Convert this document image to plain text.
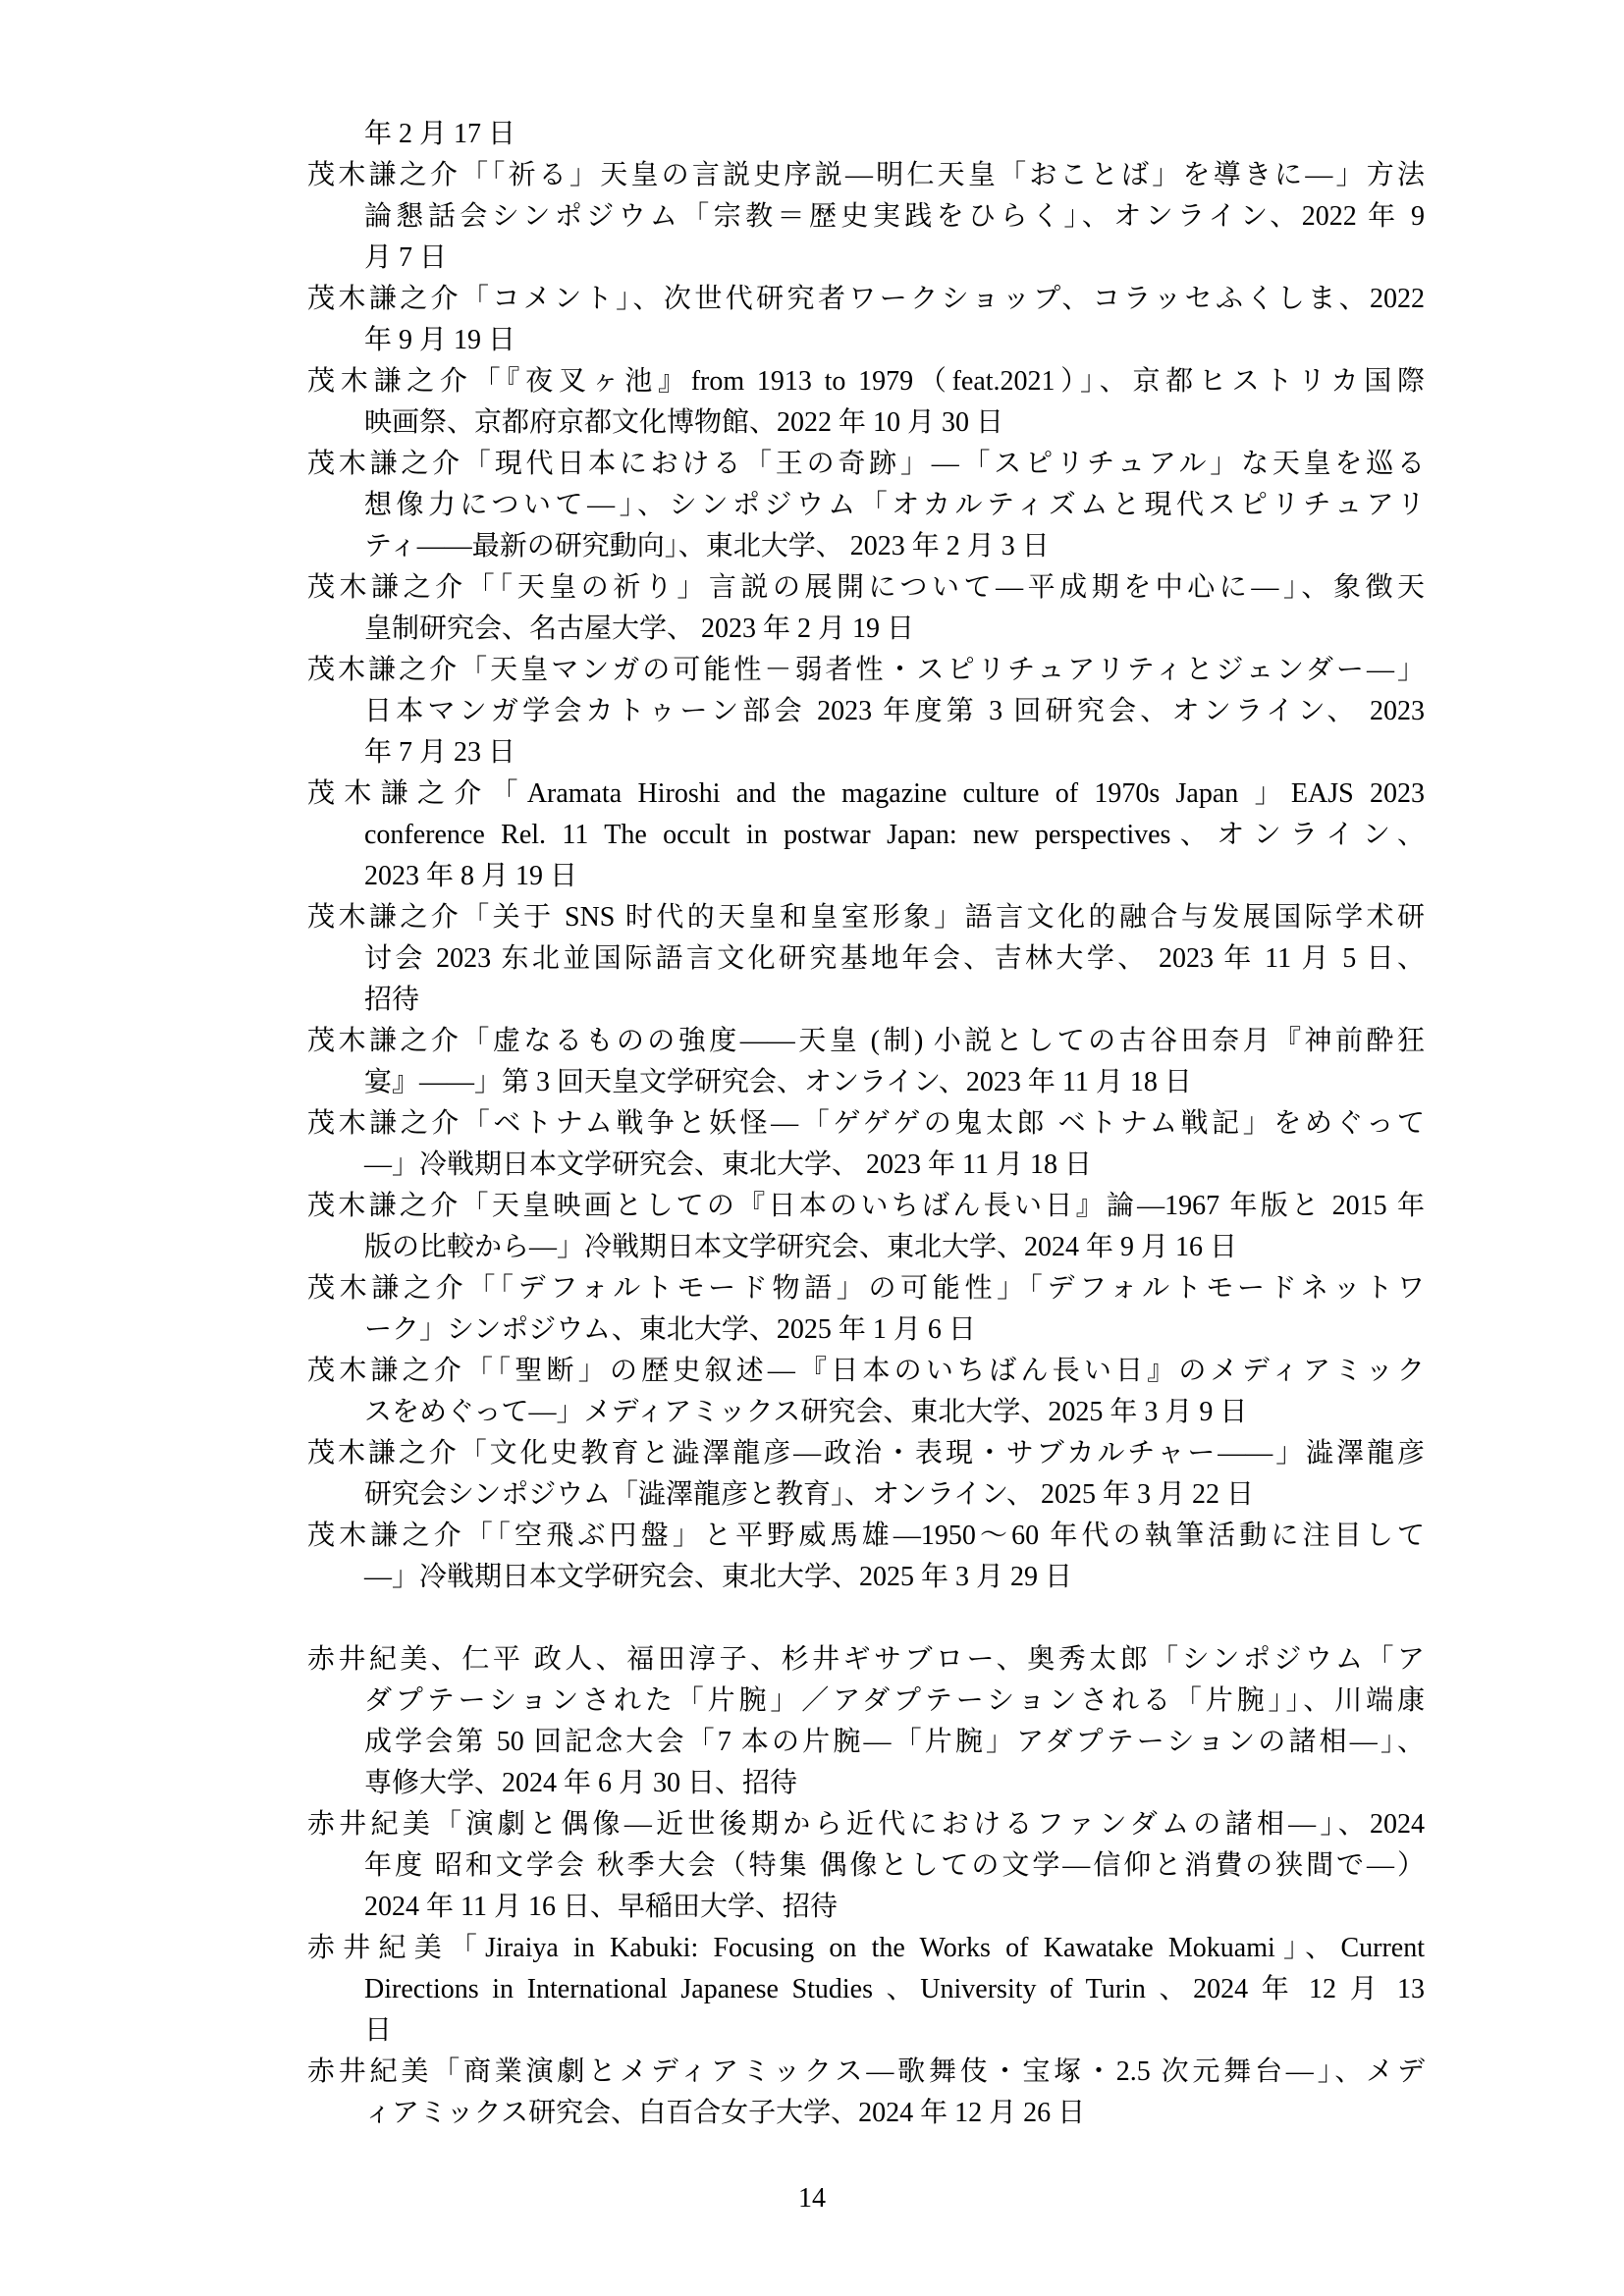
年 2 月 17 日
茂木謙之介「「祈る」天皇の言説史序説―明仁天皇「おことば」を導きに―」方法
論懇話会シンポジウム「宗教＝歴史実践をひらく」、オンライン、2022 年 9
月 7 日
茂木謙之介「コメント」、次世代研究者ワークショップ、コラッセふくしま、2022
年 9 月 19 日
茂木謙之介「『夜叉ヶ池』from 1913 to 1979（feat.2021）」、京都ヒストリカ国際
映画祭、京都府京都文化博物館、2022 年 10 月 30 日
茂木謙之介「現代日本における「王の奇跡」―「スピリチュアル」な天皇を巡る
想像力について―」、シンポジウム「オカルティズムと現代スピリチュアリ
ティ――最新の研究動向」、東北大学、 2023 年 2 月 3 日
茂木謙之介「「天皇の祈り」言説の展開について―平成期を中心に―」、象徴天
皇制研究会、名古屋大学、 2023 年 2 月 19 日
茂木謙之介「天皇マンガの可能性－弱者性・スピリチュアリティとジェンダー―」
日本マンガ学会カトゥーン部会 2023 年度第 3 回研究会、オンライン、 2023
年 7 月 23 日
茂木謙之介「Aramata Hiroshi and the magazine culture of 1970s Japan 」EAJS 2023
conference Rel. 11 The occult in postwar Japan: new perspectives、オンライン、
2023 年 8 月 19 日
茂木謙之介「关于 SNS 时代的天皇和皇室形象」語言文化的融合与发展国际学术研
讨会 2023 东北並国际語言文化研究基地年会、吉林大学、 2023 年 11 月 5 日、
招待
茂木謙之介「虚なるものの強度――天皇 (制) 小説としての古谷田奈月『神前酔狂
宴』――」第 3 回天皇文学研究会、オンライン、2023 年 11 月 18 日
茂木謙之介「ベトナム戦争と妖怪―「ゲゲゲの鬼太郎 ベトナム戦記」をめぐって
―」冷戦期日本文学研究会、東北大学、 2023 年 11 月 18 日
茂木謙之介「天皇映画としての『日本のいちばん長い日』論―1967 年版と 2015 年
版の比較から―」冷戦期日本文学研究会、東北大学、2024 年 9 月 16 日
茂木謙之介「「デフォルトモード物語」の可能性」「デフォルトモードネットワ
ーク」シンポジウム、東北大学、2025 年 1 月 6 日
茂木謙之介「「聖断」の歴史叙述―『日本のいちばん長い日』のメディアミック
スをめぐって―」メディアミックス研究会、東北大学、2025 年 3 月 9 日
茂木謙之介「文化史教育と澁澤龍彦―政治・表現・サブカルチャー――」澁澤龍彦
研究会シンポジウム「澁澤龍彦と教育」、オンライン、 2025 年 3 月 22 日
茂木謙之介「「空飛ぶ円盤」と平野威馬雄―1950～60 年代の執筆活動に注目して
―」冷戦期日本文学研究会、東北大学、2025 年 3 月 29 日
赤井紀美、仁平 政人、福田淳子、杉井ギサブロー、奥秀太郎「シンポジウム「ア
ダプテーションされた「片腕」／アダプテーションされる「片腕」」、川端康
成学会第 50 回記念大会「7 本の片腕―「片腕」アダプテーションの諸相―」、
専修大学、2024 年 6 月 30 日、招待
赤井紀美「演劇と偶像―近世後期から近代におけるファンダムの諸相―」、2024
年度 昭和文学会 秋季大会（特集 偶像としての文学―信仰と消費の狭間で―）
2024 年 11 月 16 日、早稲田大学、招待
赤井紀美「Jiraiya in Kabuki: Focusing on the Works of Kawatake Mokuami」、Current
Directions in International Japanese Studies 、University of Turin 、2024 年 12 月 13
日
赤井紀美「商業演劇とメディアミックス―歌舞伎・宝塚・2.5 次元舞台―」、メデ
ィアミックス研究会、白百合女子大学、2024 年 12 月 26 日
14
